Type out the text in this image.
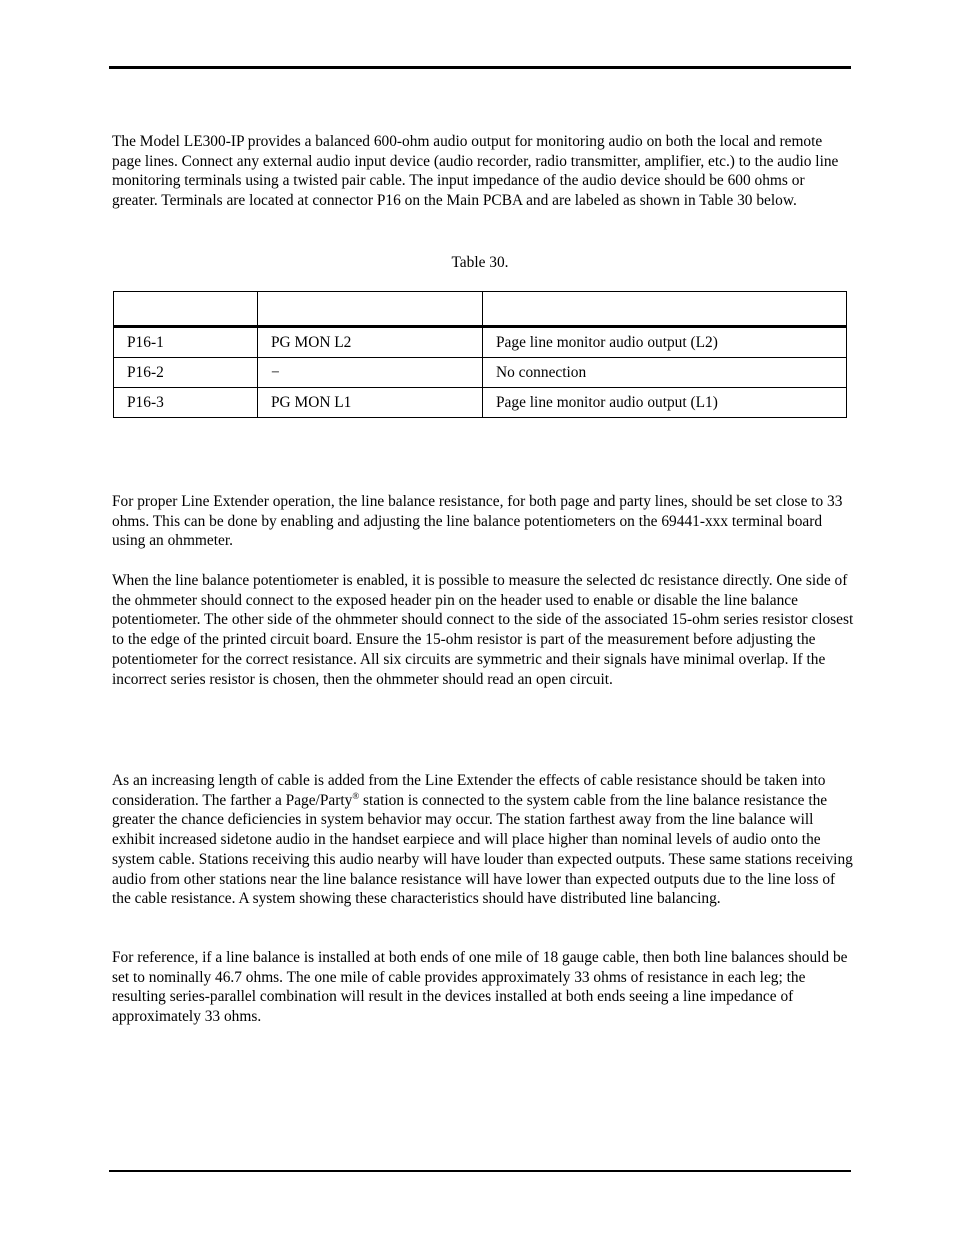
The Model LE300-IP provides a balanced 600-ohm audio output for monitoring audio on both the local and remote page lines. Connect any external audio input device (audio recorder, radio transmitter, amplifier, etc.) to the audio line monitoring terminals using a twisted pair cable. The input impedance of the audio device should be 600 ohms or greater. Terminals are located at connector P16 on the Main PCBA and are labeled as shown in Table 30 below.

Table 30.

P16-1	PG MON L2	Page line monitor audio output (L2)
P16-2	−	No connection
P16-3	PG MON L1	Page line monitor audio output (L1)

For proper Line Extender operation, the line balance resistance, for both page and party lines, should be set close to 33 ohms. This can be done by enabling and adjusting the line balance potentiometers on the 69441-xxx terminal board using an ohmmeter.

When the line balance potentiometer is enabled, it is possible to measure the selected dc resistance directly. One side of the ohmmeter should connect to the exposed header pin on the header used to enable or disable the line balance potentiometer. The other side of the ohmmeter should connect to the side of the associated 15-ohm series resistor closest to the edge of the printed circuit board. Ensure the 15-ohm resistor is part of the measurement before adjusting the potentiometer for the correct resistance. All six circuits are symmetric and their signals have minimal overlap. If the incorrect series resistor is chosen, then the ohmmeter should read an open circuit.

As an increasing length of cable is added from the Line Extender the effects of cable resistance should be taken into consideration. The farther a Page/Party® station is connected to the system cable from the line balance resistance the greater the chance deficiencies in system behavior may occur. The station farthest away from the line balance will exhibit increased sidetone audio in the handset earpiece and will place higher than nominal levels of audio onto the system cable. Stations receiving this audio nearby will have louder than expected outputs. These same stations receiving audio from other stations near the line balance resistance will have lower than expected outputs due to the line loss of the cable resistance. A system showing these characteristics should have distributed line balancing.

For reference, if a line balance is installed at both ends of one mile of 18 gauge cable, then both line balances should be set to nominally 46.7 ohms. The one mile of cable provides approximately 33 ohms of resistance in each leg; the resulting series-parallel combination will result in the devices installed at both ends seeing a line impedance of approximately 33 ohms.
